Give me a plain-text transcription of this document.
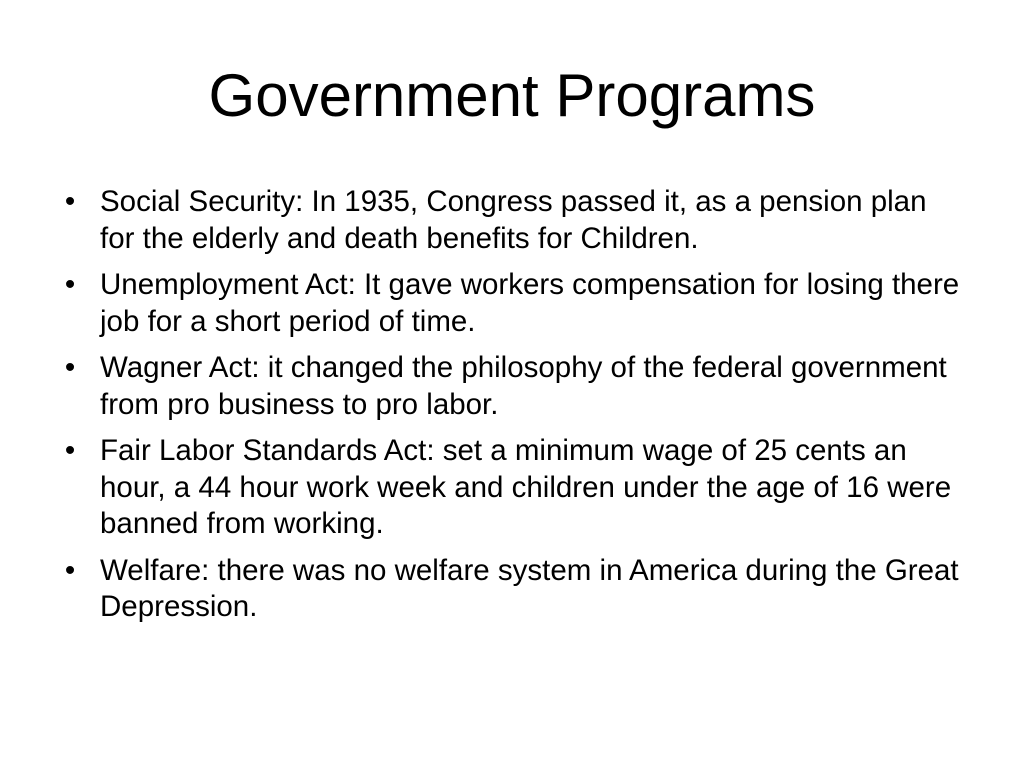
Government Programs
• Social Security: In 1935, Congress passed it, as a pension plan for the elderly and death benefits for Children.
• Unemployment Act: It gave workers compensation for losing there job for a short period of time.
• Wagner Act: it changed the philosophy of the federal government from pro business to pro labor.
• Fair Labor Standards Act: set a minimum wage of 25 cents an hour, a 44 hour work week and children under the age of 16 were banned from working.
• Welfare: there was no welfare system in America during the Great Depression.
